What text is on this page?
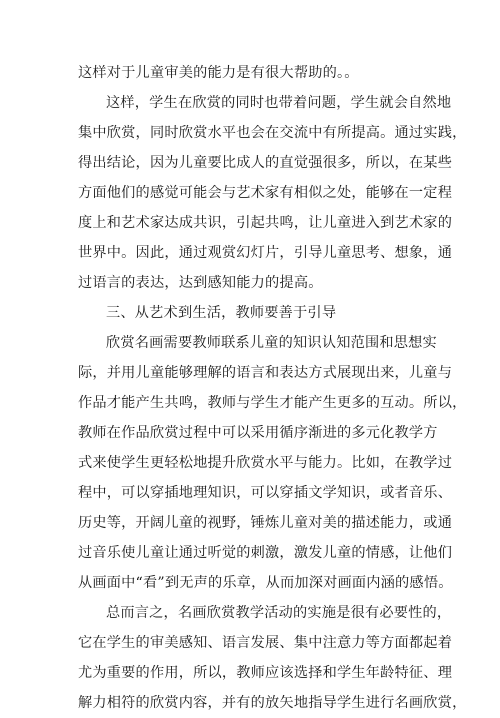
这样对于儿童审美的能力是有很大帮助的。。
这样，学生在欣赏的同时也带着问题，学生就会自然地
集中欣赏，同时欣赏水平也会在交流中有所提高。通过实践，
得出结论，因为儿童要比成人的直觉强很多，所以，在某些
方面他们的感觉可能会与艺术家有相似之处，能够在一定程
度上和艺术家达成共识，引起共鸣，让儿童进入到艺术家的
世界中。因此，通过观赏幻灯片，引导儿童思考、想象，通
过语言的表达，达到感知能力的提高。
三、从艺术到生活，教师要善于引导
欣赏名画需要教师联系儿童的知识认知范围和思想实
际，并用儿童能够理解的语言和表达方式展现出来，儿童与
作品才能产生共鸣，教师与学生才能产生更多的互动。所以，
教师在作品欣赏过程中可以采用循序渐进的多元化教学方
式来使学生更轻松地提升欣赏水平与能力。比如，在教学过
程中，可以穿插地理知识，可以穿插文学知识，或者音乐、
历史等，开阔儿童的视野，锤炼儿童对美的描述能力，或通
过音乐使儿童让通过听觉的刺激，激发儿童的情感，让他们
从画面中“看”到无声的乐章，从而加深对画面内涵的感悟。
总而言之，名画欣赏教学活动的实施是很有必要性的，
它在学生的审美感知、语言发展、集中注意力等方面都起着
尤为重要的作用，所以，教师应该选择和学生年龄特征、理
解力相符的欣赏内容，并有的放矢地指导学生进行名画欣赏，
